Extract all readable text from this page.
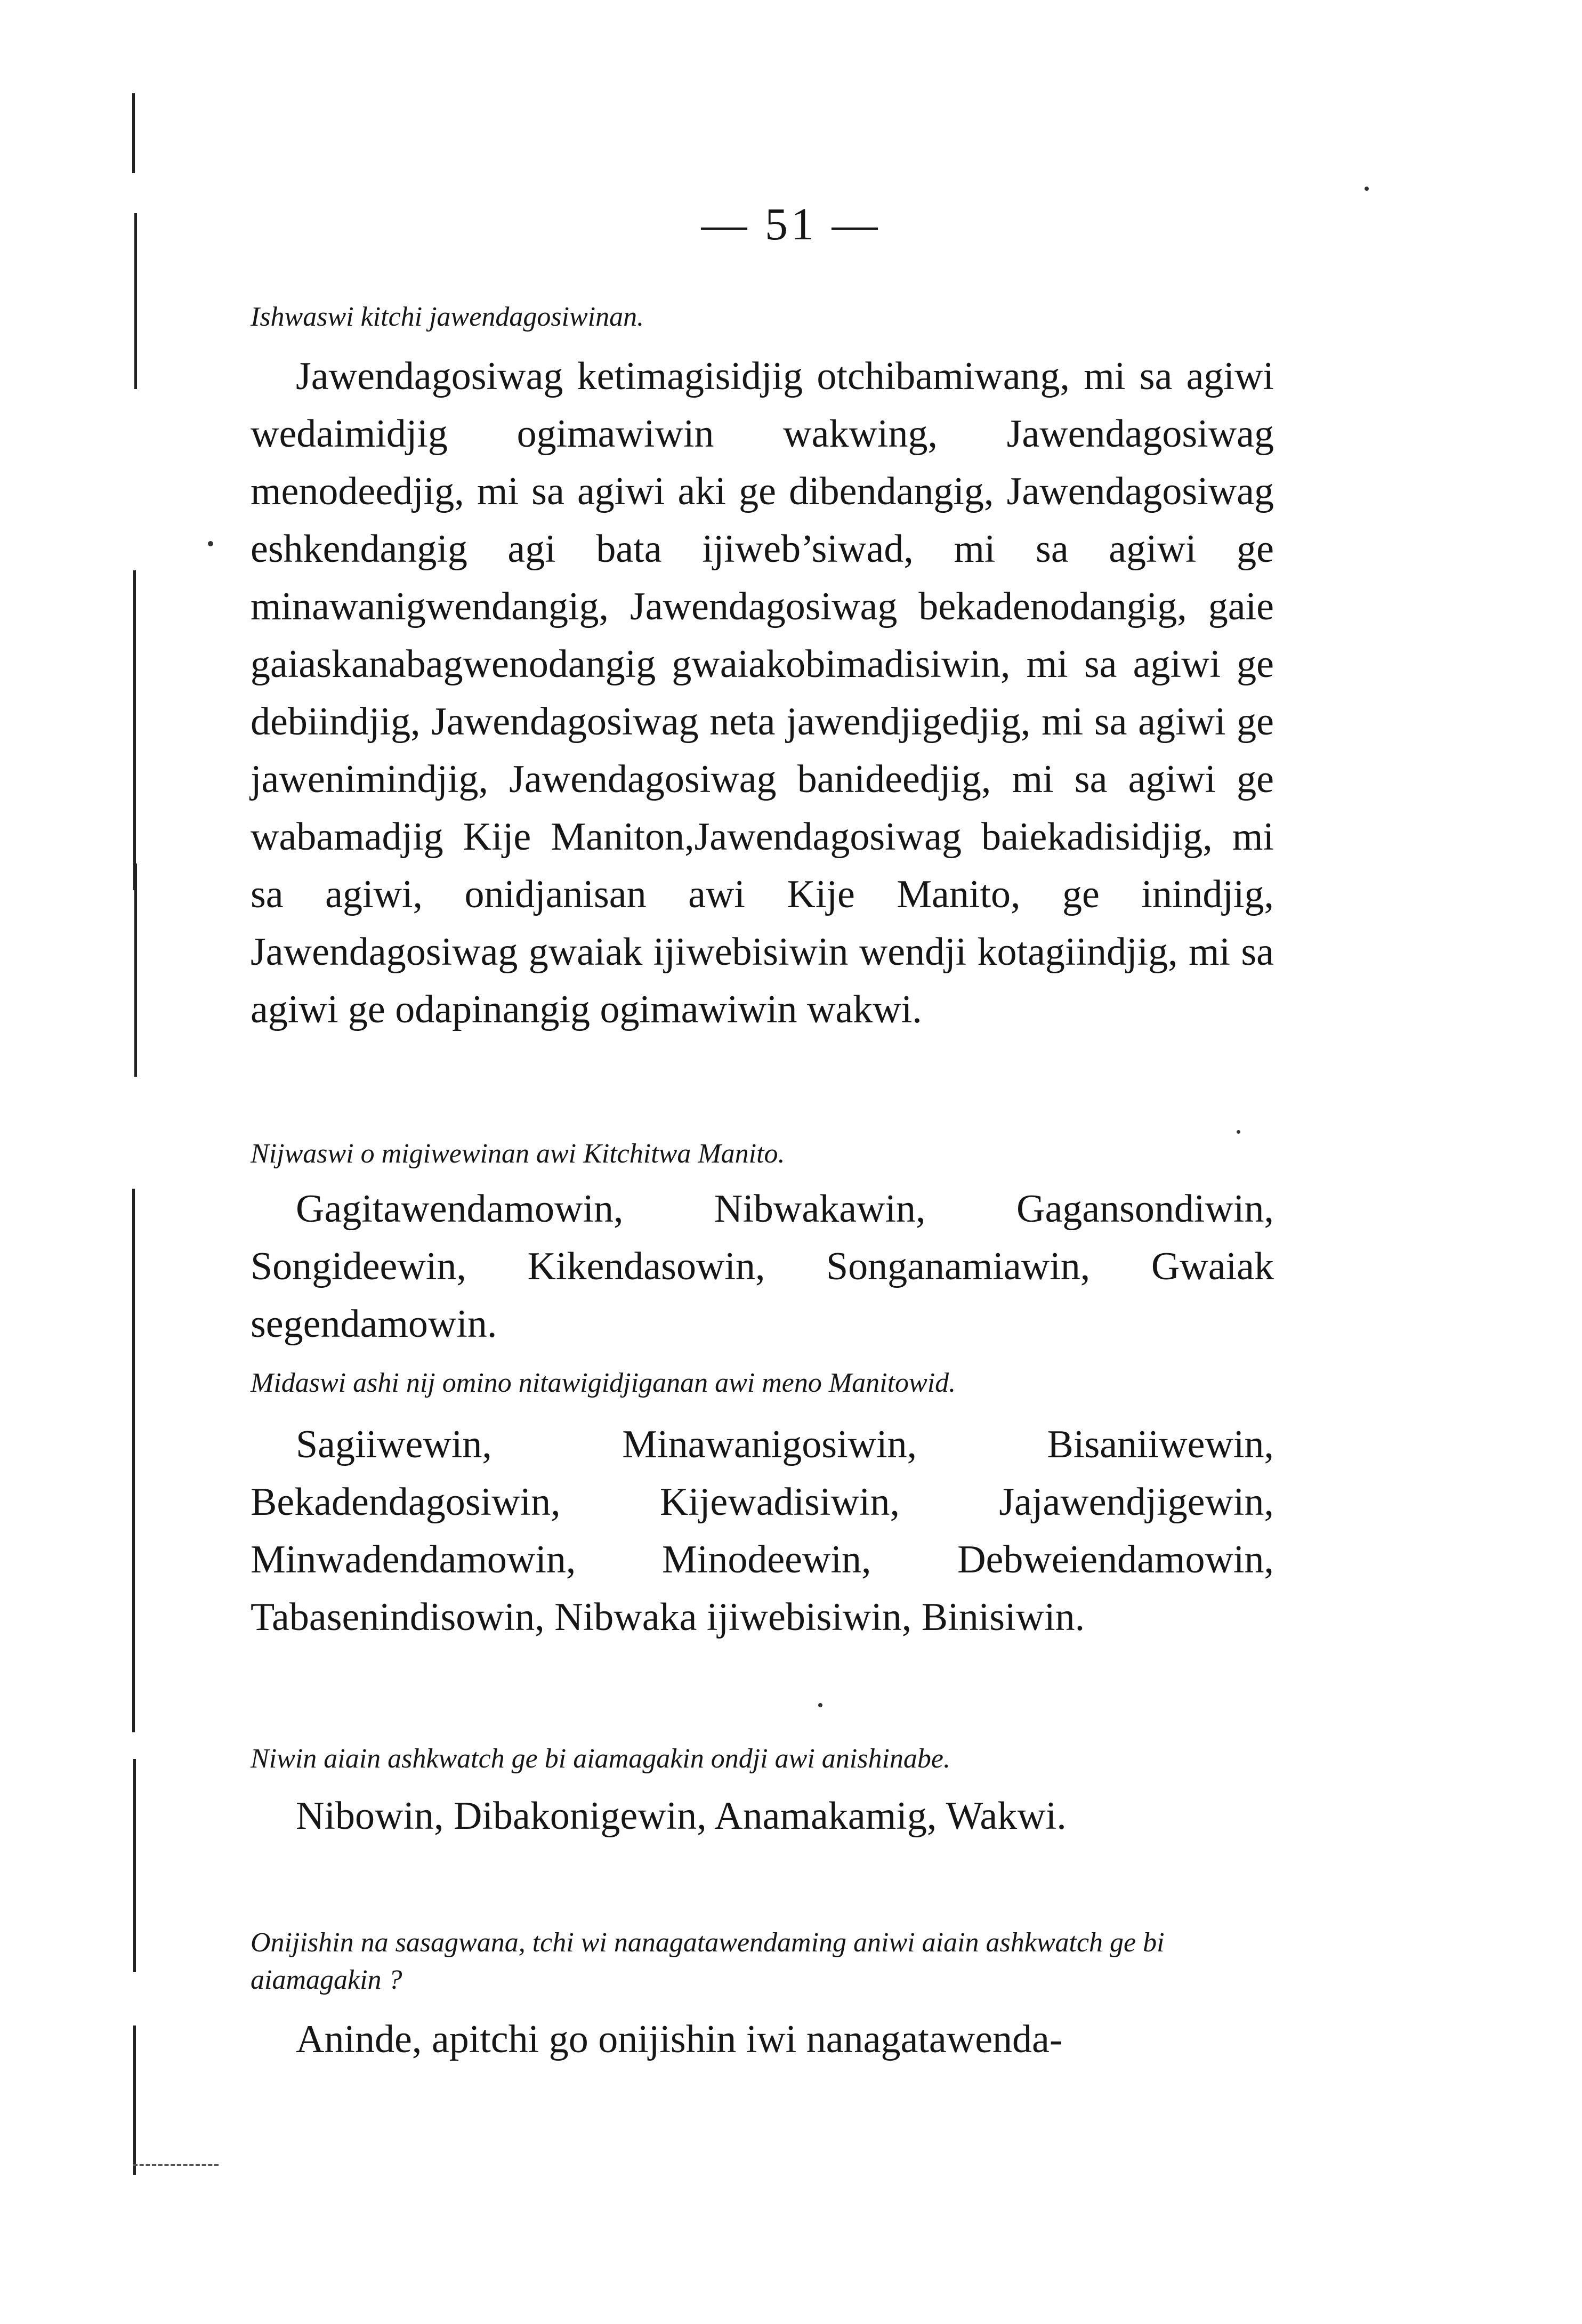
— 51 —

Ishwaswi kitchi jawendagosiwinan.

Jawendagosiwag ketimagisidjig otchibamiwang, mi sa agiwi wedaimidjig ogimawiwin wakwing, Jawendagosiwag menodeedjig, mi sa agiwi aki ge dibendangig, Jawendagosiwag eshkendangig agi bata ijiweb’siwad, mi sa agiwi ge minawanigwendangig, Jawendagosiwag bekadenodangig, gaie gaiaskanabagwenodangig gwaiakobimadisiwin, mi sa agiwi ge debiindjig, Jawendagosiwag neta jawendjigedjig, mi sa agiwi ge jawenimindjig, Jawendagosiwag banideedjig, mi sa agiwi ge wabamadjig Kije Maniton,Jawendagosiwag baiekadisidjig, mi sa agiwi, onidjanisan awi Kije Manito, ge inindjig, Jawendagosiwag gwaiak ijiwebisiwin wendji kotagiindjig, mi sa agiwi ge odapinangig ogimawiwin wakwi.

Nijwaswi o migiwewinan awi Kitchitwa Manito.

Gagitawendamowin, Nibwakawin, Gagansondiwin, Songideewin, Kikendasowin, Songanamiawin, Gwaiak segendamowin.

Midaswi ashi nij omino nitawigidjiganan awi meno Manitowid.

Sagiiwewin, Minawanigosiwin, Bisaniiwewin, Bekadendagosiwin, Kijewadisiwin, Jajawendjigewin, Minwadendamowin, Minodeewin, Debweiendamowin, Tabasenindisowin, Nibwaka ijiwebisiwin, Binisiwin.

Niwin aiain ashkwatch ge bi aiamagakin ondji awi anishinabe.

Nibowin, Dibakonigewin, Anamakamig, Wakwi.

Onijishin na sasagwana, tchi wi nanagatawendaming aniwi aiain ashkwatch ge bi aiamagakin ?

Aninde, apitchi go onijishin iwi nanagatawenda-
